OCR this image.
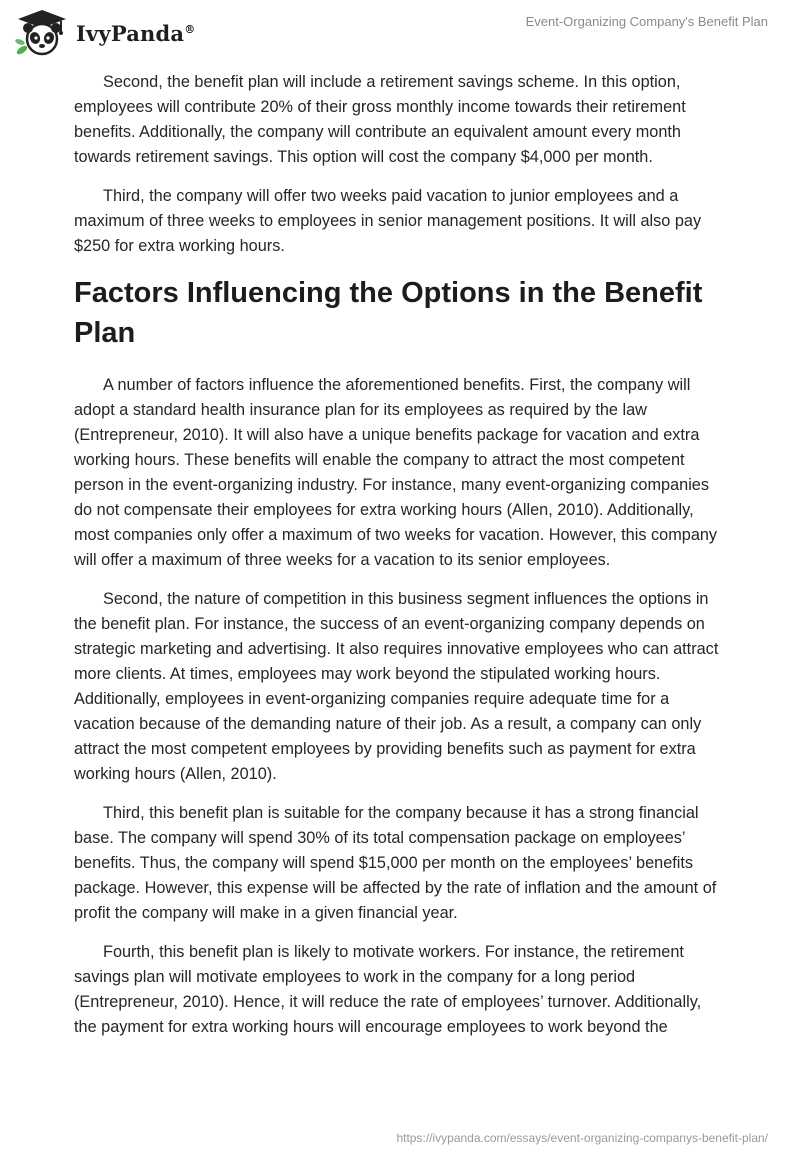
IvyPanda®	Event-Organizing Company's Benefit Plan

Second, the benefit plan will include a retirement savings scheme. In this option, employees will contribute 20% of their gross monthly income towards their retirement benefits. Additionally, the company will contribute an equivalent amount every month towards retirement savings. This option will cost the company $4,000 per month.

Third, the company will offer two weeks paid vacation to junior employees and a maximum of three weeks to employees in senior management positions. It will also pay $250 for extra working hours.

Factors Influencing the Options in the Benefit Plan

A number of factors influence the aforementioned benefits. First, the company will adopt a standard health insurance plan for its employees as required by the law (Entrepreneur, 2010). It will also have a unique benefits package for vacation and extra working hours. These benefits will enable the company to attract the most competent person in the event-organizing industry. For instance, many event-organizing companies do not compensate their employees for extra working hours (Allen, 2010). Additionally, most companies only offer a maximum of two weeks for vacation. However, this company will offer a maximum of three weeks for a vacation to its senior employees.

Second, the nature of competition in this business segment influences the options in the benefit plan. For instance, the success of an event-organizing company depends on strategic marketing and advertising. It also requires innovative employees who can attract more clients. At times, employees may work beyond the stipulated working hours. Additionally, employees in event-organizing companies require adequate time for a vacation because of the demanding nature of their job. As a result, a company can only attract the most competent employees by providing benefits such as payment for extra working hours (Allen, 2010).

Third, this benefit plan is suitable for the company because it has a strong financial base. The company will spend 30% of its total compensation package on employees’ benefits. Thus, the company will spend $15,000 per month on the employees’ benefits package. However, this expense will be affected by the rate of inflation and the amount of profit the company will make in a given financial year.

Fourth, this benefit plan is likely to motivate workers. For instance, the retirement savings plan will motivate employees to work in the company for a long period (Entrepreneur, 2010). Hence, it will reduce the rate of employees’ turnover. Additionally, the payment for extra working hours will encourage employees to work beyond the

https://ivypanda.com/essays/event-organizing-companys-benefit-plan/
